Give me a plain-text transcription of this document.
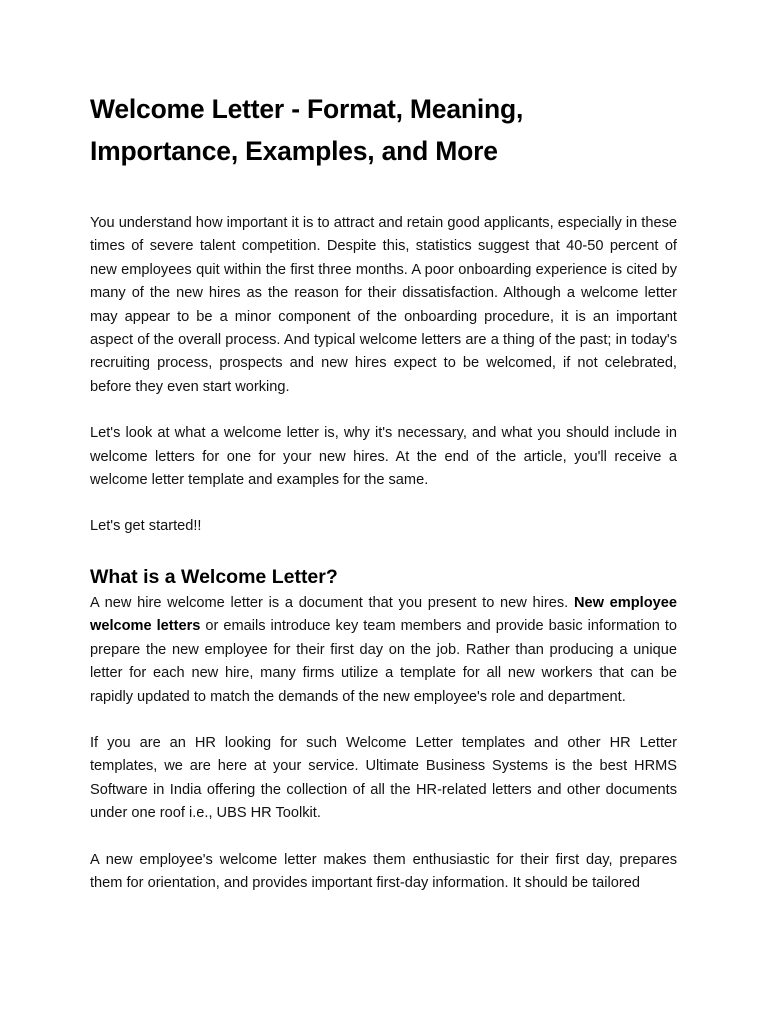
Welcome Letter - Format, Meaning, Importance, Examples, and More

You understand how important it is to attract and retain good applicants, especially in these times of severe talent competition. Despite this, statistics suggest that 40-50 percent of new employees quit within the first three months. A poor onboarding experience is cited by many of the new hires as the reason for their dissatisfaction. Although a welcome letter may appear to be a minor component of the onboarding procedure, it is an important aspect of the overall process. And typical welcome letters are a thing of the past; in today's recruiting process, prospects and new hires expect to be welcomed, if not celebrated, before they even start working.

Let's look at what a welcome letter is, why it's necessary, and what you should include in welcome letters for one for your new hires. At the end of the article, you'll receive a welcome letter template and examples for the same.

Let's get started!!

What is a Welcome Letter?

A new hire welcome letter is a document that you present to new hires. New employee welcome letters or emails introduce key team members and provide basic information to prepare the new employee for their first day on the job. Rather than producing a unique letter for each new hire, many firms utilize a template for all new workers that can be rapidly updated to match the demands of the new employee's role and department.

If you are an HR looking for such Welcome Letter templates and other HR Letter templates, we are here at your service. Ultimate Business Systems is the best HRMS Software in India offering the collection of all the HR-related letters and other documents under one roof i.e., UBS HR Toolkit.

A new employee's welcome letter makes them enthusiastic for their first day, prepares them for orientation, and provides important first-day information. It should be tailored
